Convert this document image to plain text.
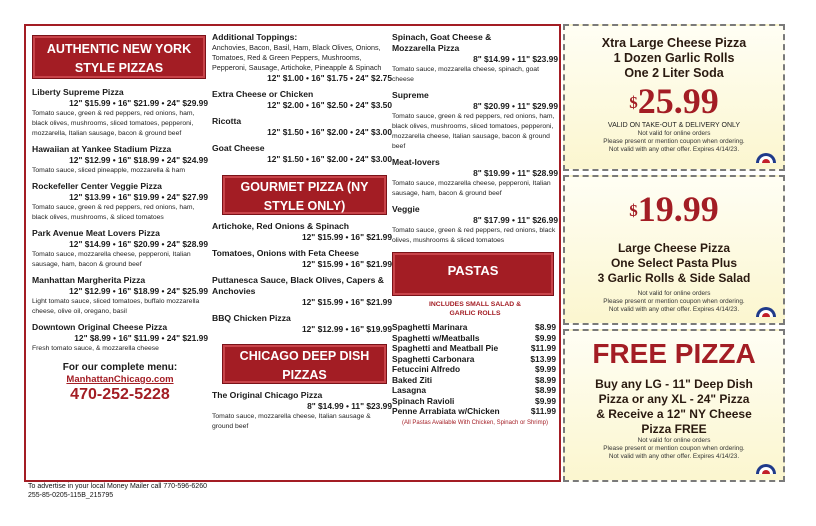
AUTHENTIC NEW YORK STYLE PIZZAS
Liberty Supreme Pizza
12" $15.99 • 16" $21.99 • 24" $29.99
Tomato sauce, green & red peppers, red onions, ham, black olives, mushrooms, sliced tomatoes, pepperoni, mozzarella, Italian sausage, bacon & ground beef
Hawaiian at Yankee Stadium Pizza
12" $12.99 • 16" $18.99 • 24" $24.99
Tomato sauce, sliced pineapple, mozzarella & ham
Rockefeller Center Veggie Pizza
12" $13.99 • 16" $19.99 • 24" $27.99
Tomato sauce, green & red peppers, red onions, ham, black olives, mushrooms, & sliced tomatoes
Park Avenue Meat Lovers Pizza
12" $14.99 • 16" $20.99 • 24" $28.99
Tomato sauce, mozzarella cheese, pepperoni, Italian sausage, ham, bacon & ground beef
Manhattan Margherita Pizza
12" $12.99 • 16" $18.99 • 24" $25.99
Light tomato sauce, sliced tomatoes, buffalo mozzarella cheese, olive oil, oregano, basil
Downtown Original Cheese Pizza
12" $8.99 • 16" $11.99 • 24" $21.99
Fresh tomato sauce, & mozzarella cheese
For our complete menu:
ManhattanChicago.com
470-252-5228
Additional Toppings:
Anchovies, Bacon, Basil, Ham, Black Olives, Onions, Tomatoes, Red & Green Peppers, Mushrooms, Pepperoni, Sausage, Artichoke, Pineapple & Spinach
12" $1.00 • 16" $1.75 • 24" $2.75
Extra Cheese or Chicken
12" $2.00 • 16" $2.50 • 24" $3.50
Ricotta
12" $1.50 • 16" $2.00 • 24" $3.00
Goat Cheese
12" $1.50 • 16" $2.00 • 24" $3.00
GOURMET PIZZA (NY STYLE ONLY)
Artichoke, Red Onions & Spinach
12" $15.99 • 16" $21.99
Tomatoes, Onions with Feta Cheese
12" $15.99 • 16" $21.99
Puttanesca Sauce, Black Olives, Capers & Anchovies
12" $15.99 • 16" $21.99
BBQ Chicken Pizza
12" $12.99 • 16" $19.99
CHICAGO DEEP DISH PIZZAS
The Original Chicago Pizza
8" $14.99 • 11" $23.99
Tomato sauce, mozzarella cheese, Italian sausage & ground beef
Spinach, Goat Cheese & Mozzarella Pizza
8" $14.99 • 11" $23.99
Tomato sauce, mozzarella cheese, spinach, goat cheese
Supreme
8" $20.99 • 11" $29.99
Tomato sauce, green & red peppers, red onions, ham, black olives, mushrooms, sliced tomatoes, pepperoni, mozzarella cheese, Italian sausage, bacon & ground beef
Meat-lovers
8" $19.99 • 11" $28.99
Tomato sauce, mozzarella cheese, pepperoni, Italian sausage, ham, bacon & ground beef
Veggie
8" $17.99 • 11" $26.99
Tomato sauce, green & red peppers, red onions, black olives, mushrooms & sliced tomatoes
PASTAS
INCLUDES SMALL SALAD & GARLIC ROLLS
Spaghetti Marinara	$8.99
Spaghetti w/Meatballs	$9.99
Spaghetti and Meatball Pie	$11.99
Spaghetti Carbonara	$13.99
Fetuccini Alfredo	$9.99
Baked Ziti	$8.99
Lasagna	$8.99
Spinach Ravioli	$9.99
Penne Arrabiata w/Chicken	$11.99
(All Pastas Available With Chicken, Spinach or Shrimp)
Xtra Large Cheese Pizza
1 Dozen Garlic Rolls
One 2 Liter Soda
$25.99
VALID ON TAKE-OUT & DELIVERY ONLY
Not valid for online orders
Please present or mention coupon when ordering.
Not valid with any other offer. Expires 4/14/23.
$19.99
Large Cheese Pizza
One Select Pasta Plus
3 Garlic Rolls & Side Salad
Not valid for online orders
Please present or mention coupon when ordering.
Not valid with any other offer. Expires 4/14/23.
FREE PIZZA
Buy any LG - 11" Deep Dish
Pizza or any XL - 24" Pizza
& Receive a 12" NY Cheese
Pizza FREE
Not valid for online orders
Please present or mention coupon when ordering.
Not valid with any other offer. Expires 4/14/23.
To advertise in your local Money Mailer call 770-596-6260
255-85-0205-115B_215795
